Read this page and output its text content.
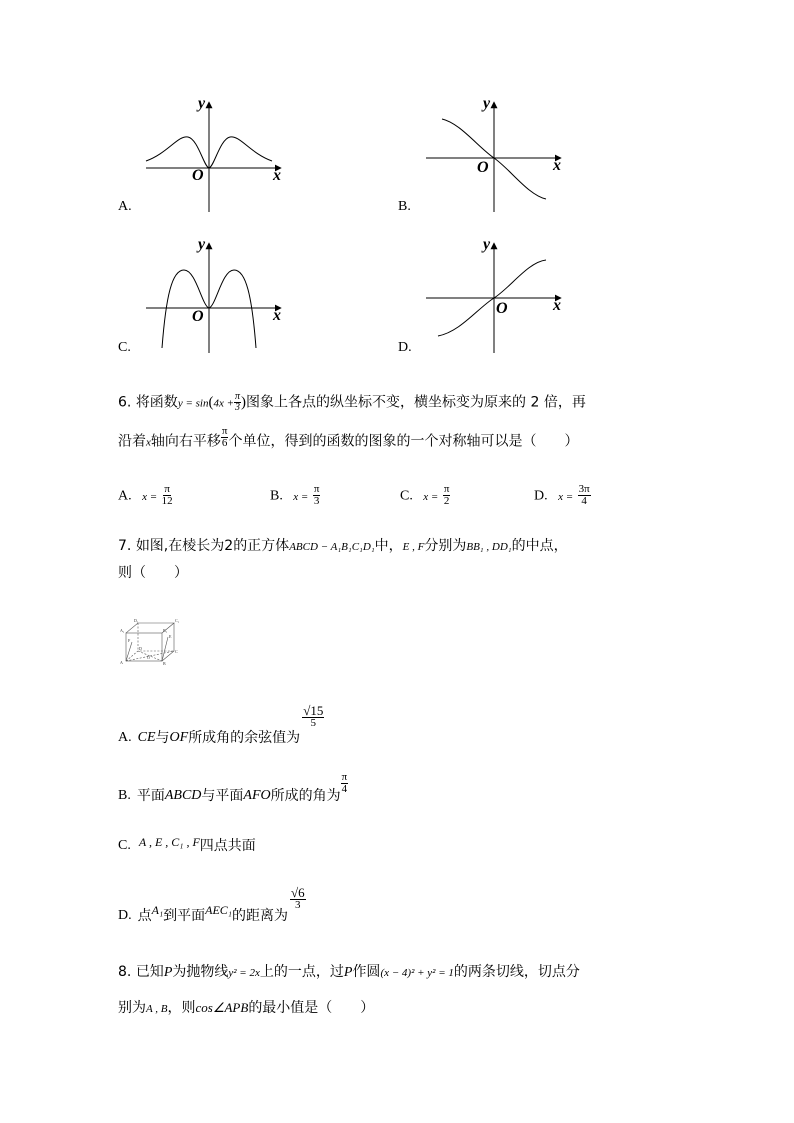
y
x
O
A.
y
x
O
B.
y
x
O
C.
y
x
O
D.
6. 将函数$y = \sin(4x + \frac{\pi}{3}$ )图象上各点的纵坐标不变，横坐标变为原来的 2 倍，再
沿着x轴向右平移 $\frac{\pi}{6}$ 个单位，得到的函数的图象的一个对称轴可以是（　　）
A. $x = \frac{\pi}{12}$	B. $x = \frac{\pi}{3}$	C. $x = \frac{\pi}{2}$	D. $x = \frac{3\pi}{4}$
7. 如图,在棱长为2的正方体ABCD − A₁B₁C₁D₁中，E , F分别为BB₁ , DD₁的中点，
则（　　）
D₁	C₁
A₁	B₁
D
C
A	B
E
F
O
A. CE 与 OF 所成角的余弦值为
$\frac{√15}{5}$
B. 平面 ABCD 与平面 AFO 所成的角为
$\frac{\pi}{4}$
C. A , E , C₁ , F 四点共面
D. 点 A₁ 到平面 AEC₁ 的距离为
$\frac{√6}{3}$
8. 已知P为抛物线y² = 2x上的一点，过P作圆(x − 4)² + y² = 1的两条切线，切点分
别为A , B，则cos∠APB的最小值是（　　）
